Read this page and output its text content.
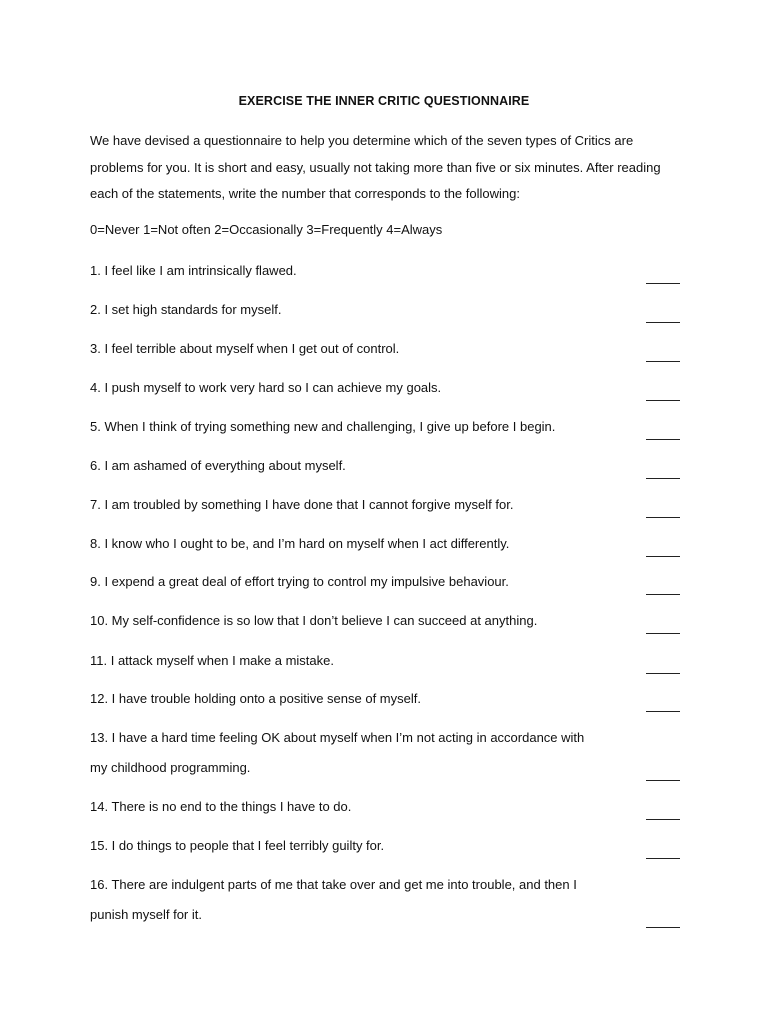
EXERCISE THE INNER CRITIC QUESTIONNAIRE
We have devised a questionnaire to help you determine which of the seven types of Critics are problems for you. It is short and easy, usually not taking more than five or six minutes. After reading each of the statements, write the number that corresponds to the following:
0=Never 1=Not often 2=Occasionally 3=Frequently 4=Always
1. I feel like I am intrinsically flawed.
2. I set high standards for myself.
3. I feel terrible about myself when I get out of control.
4. I push myself to work very hard so I can achieve my goals.
5. When I think of trying something new and challenging, I give up before I begin.
6. I am ashamed of everything about myself.
7. I am troubled by something I have done that I cannot forgive myself for.
8. I know who I ought to be, and I’m hard on myself when I act differently.
9. I expend a great deal of effort trying to control my impulsive behaviour.
10. My self-confidence is so low that I don’t believe I can succeed at anything.
11. I attack myself when I make a mistake.
12. I have trouble holding onto a positive sense of myself.
13. I have a hard time feeling OK about myself when I’m not acting in accordance with my childhood programming.
14. There is no end to the things I have to do.
15. I do things to people that I feel terribly guilty for.
16. There are indulgent parts of me that take over and get me into trouble, and then I punish myself for it.
